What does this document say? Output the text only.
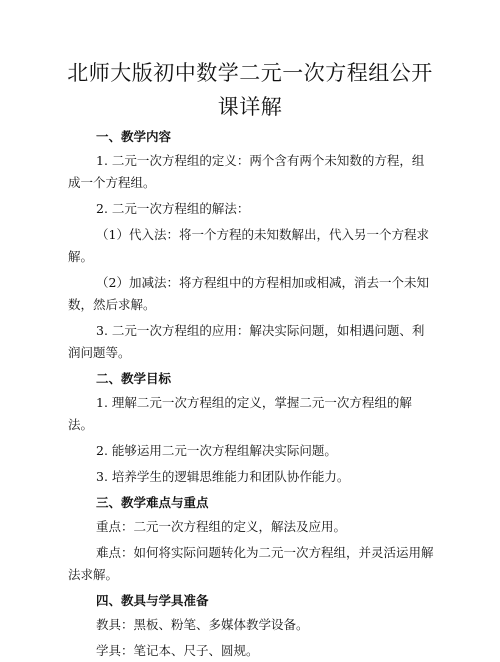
北师大版初中数学二元一次方程组公开课详解
一、教学内容

1. 二元一次方程组的定义：两个含有两个未知数的方程，组成一个方程组。

2. 二元一次方程组的解法：

（1）代入法：将一个方程的未知数解出，代入另一个方程求解。

（2）加减法：将方程组中的方程相加或相减，消去一个未知数，然后求解。

3. 二元一次方程组的应用：解决实际问题，如相遇问题、利润问题等。

二、教学目标

1. 理解二元一次方程组的定义，掌握二元一次方程组的解法。

2. 能够运用二元一次方程组解决实际问题。

3. 培养学生的逻辑思维能力和团队协作能力。

三、教学难点与重点

重点：二元一次方程组的定义，解法及应用。

难点：如何将实际问题转化为二元一次方程组，并灵活运用解法求解。

四、教具与学具准备

教具：黑板、粉笔、多媒体教学设备。

学具：笔记本、尺子、圆规。
